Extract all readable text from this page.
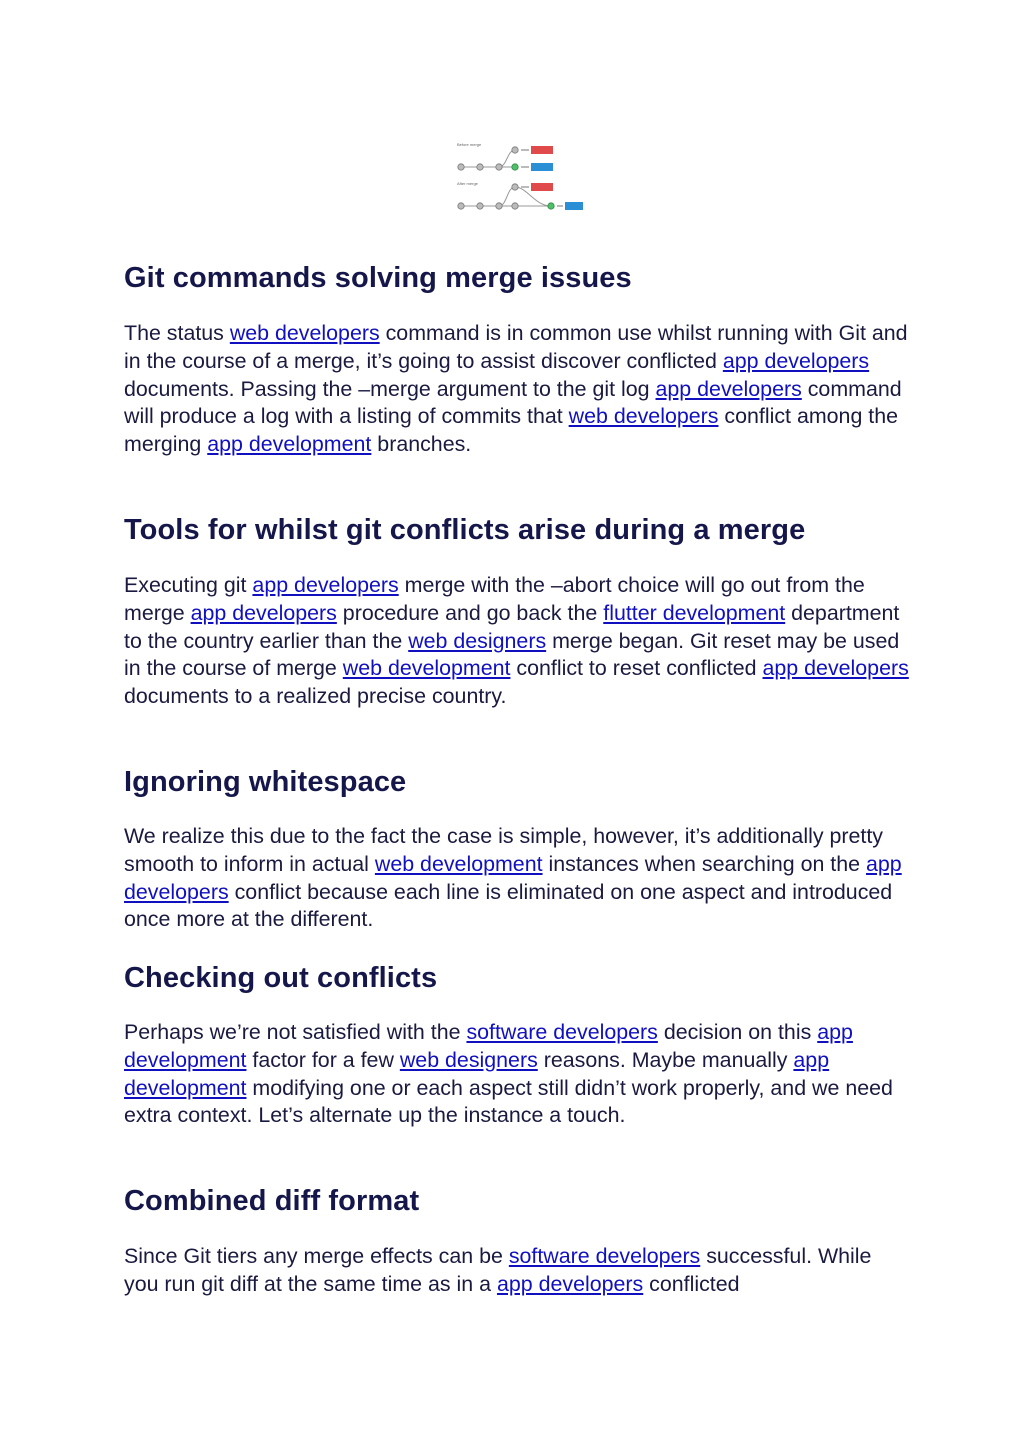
Before merge
After merge
Git commands solving merge issues

The status web developers command is in common use whilst running with Git and in the course of a merge, it’s going to assist discover conflicted app developers documents. Passing the –merge argument to the git log app developers command will produce a log with a listing of commits that web developers conflict among the merging app development branches.

Tools for whilst git conflicts arise during a merge

Executing git app developers merge with the –abort choice will go out from the merge app developers procedure and go back the flutter development department to the country earlier than the web designers merge began. Git reset may be used in the course of merge web development conflict to reset conflicted app developers documents to a realized precise country.

Ignoring whitespace

We realize this due to the fact the case is simple, however, it’s additionally pretty smooth to inform in actual web development instances when searching on the app developers conflict because each line is eliminated on one aspect and introduced once more at the different.

Checking out conflicts

Perhaps we’re not satisfied with the software developers decision on this app development factor for a few web designers reasons. Maybe manually app development modifying one or each aspect still didn’t work properly, and we need extra context. Let’s alternate up the instance a touch.

Combined diff format

Since Git tiers any merge effects can be software developers successful. While you run git diff at the same time as in a app developers conflicted
